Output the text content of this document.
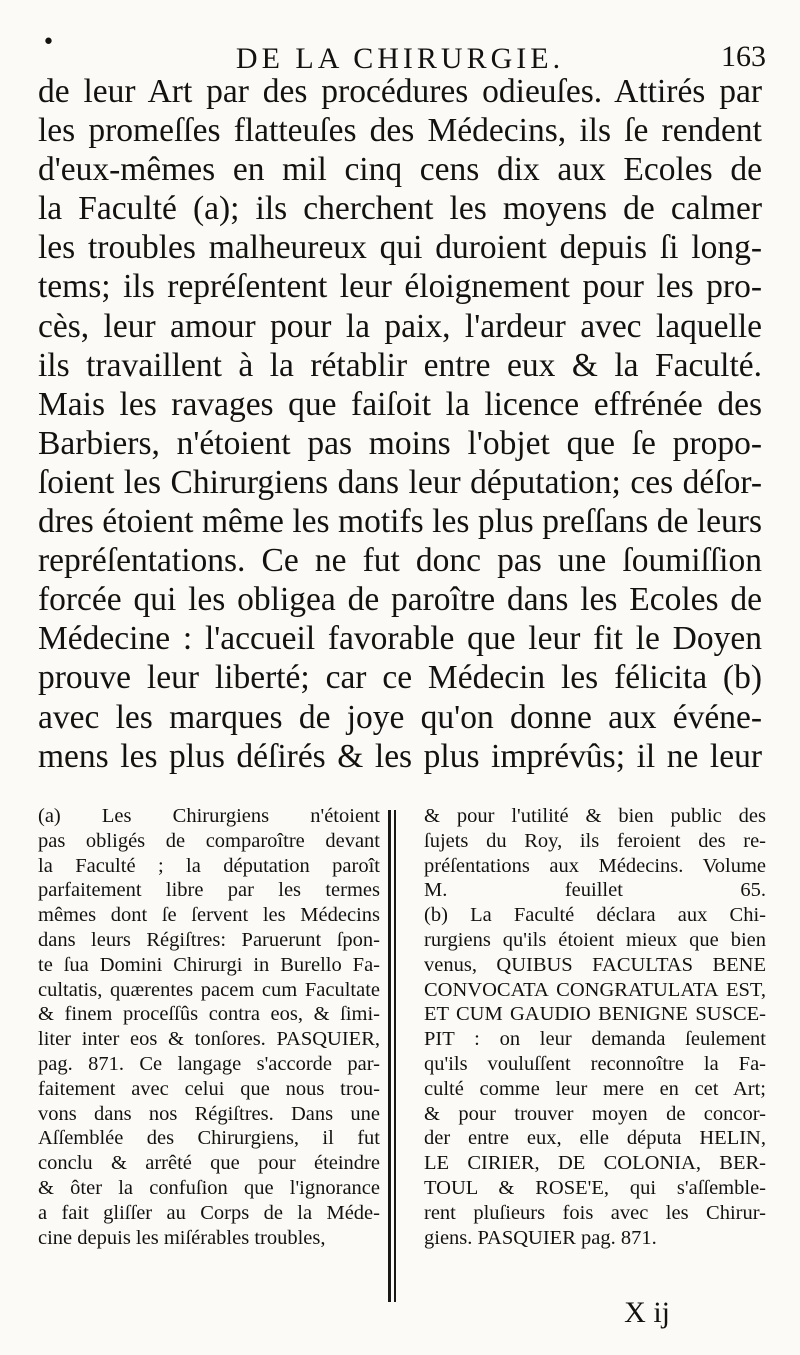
•	DE LA CHIRURGIE.	163
de leur Art par des procédures odieuſes. Attirés par
les promeſſes flatteuſes des Médecins, ils ſe rendent
d'eux-mêmes en mil cinq cens dix aux Ecoles de
la Faculté (a); ils cherchent les moyens de calmer
les troubles malheureux qui duroient depuis ſi long-
tems; ils repréſentent leur éloignement pour les pro-
cès, leur amour pour la paix, l'ardeur avec laquelle
ils travaillent à la rétablir entre eux & la Faculté.
Mais les ravages que faiſoit la licence effrénée des
Barbiers, n'étoient pas moins l'objet que ſe propo-
ſoient les Chirurgiens dans leur députation; ces déſor-
dres étoient même les motifs les plus preſſans de leurs
repréſentations. Ce ne fut donc pas une ſoumiſſion
forcée qui les obligea de paroître dans les Ecoles de
Médecine : l'accueil favorable que leur fit le Doyen
prouve leur liberté; car ce Médecin les félicita (b)
avec les marques de joye qu'on donne aux événe-
mens les plus déſirés & les plus imprévûs; il ne leur
(a) Les Chirurgiens n'étoient
pas obligés de comparoître devant
la Faculté ; la députation paroît
parfaitement libre par les termes
mêmes dont ſe ſervent les Médecins
dans leurs Régiſtres: Paruerunt ſpon-
te ſua Domini Chirurgi in Burello Fa-
cultatis, quærentes pacem cum Facultate
& finem proceſſûs contra eos, & ſimi-
liter inter eos & tonſores. PASQUIER,
pag. 871. Ce langage s'accorde par-
faitement avec celui que nous trou-
vons dans nos Régiſtres. Dans une
Aſſemblée des Chirurgiens, il fut
conclu & arrêté que pour éteindre
& ôter la confuſion que l'ignorance
a fait gliſſer au Corps de la Méde-
cine depuis les miſérables troubles,
& pour l'utilité & bien public des
ſujets du Roy, ils feroient des re-
préſentations aux Médecins. Volume
M. feuillet 65.
(b) La Faculté déclara aux Chi-
rurgiens qu'ils étoient mieux que bien
venus, QUIBUS FACULTAS BENE
CONVOCATA CONGRATULATA EST,
ET CUM GAUDIO BENIGNE SUSCE-
PIT : on leur demanda ſeulement
qu'ils vouluſſent reconnoître la Fa-
culté comme leur mere en cet Art;
& pour trouver moyen de concor-
der entre eux, elle députa HELIN,
LE CIRIER, DE COLONIA, BER-
TOUL & ROSE'E, qui s'aſſemble-
rent pluſieurs fois avec les Chirur-
giens. PASQUIER pag. 871.
X ij
